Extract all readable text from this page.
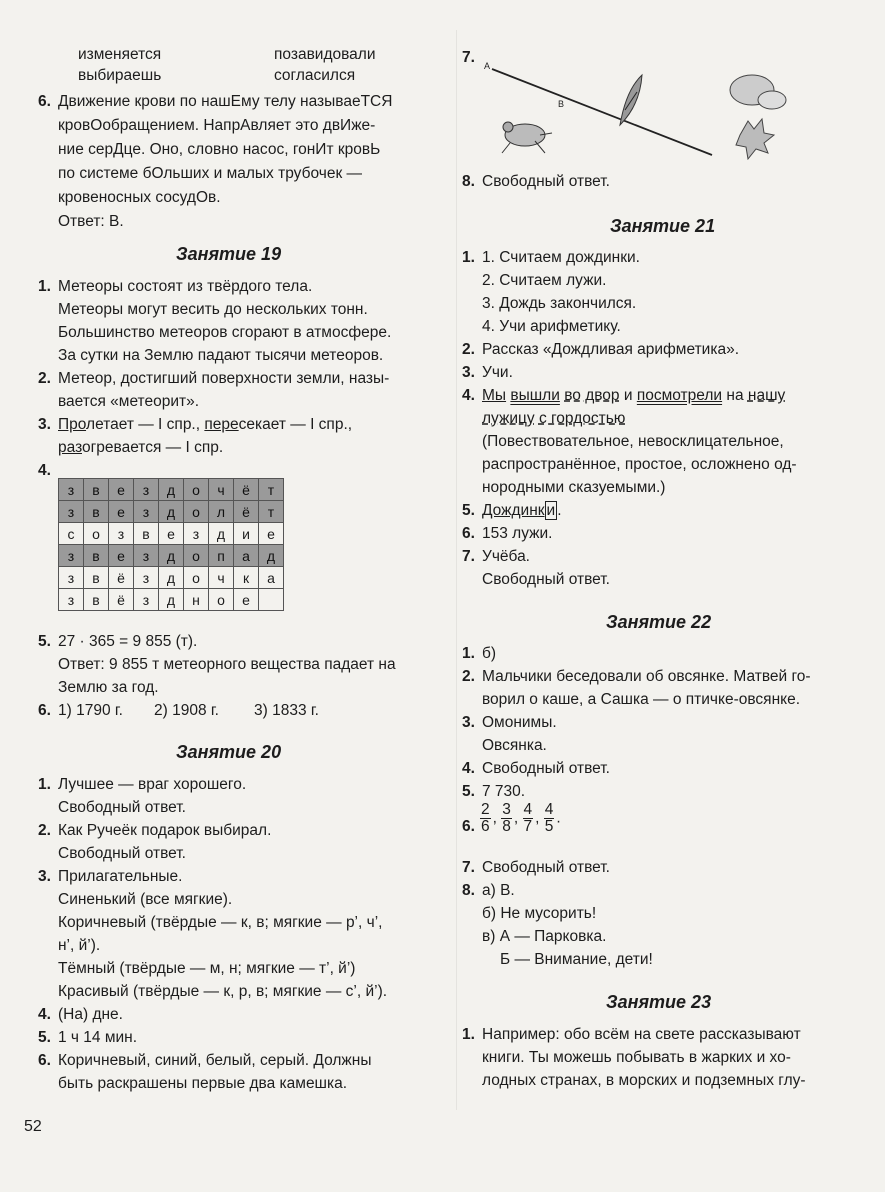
изменяется	позавидовали
выбираешь	согласился
6. Движение крови по нашЕму телу называеТСЯ
кровОобращением. НапрАвляет это двИже-
ние серДце. Оно, словно насос, гонИт кровЬ
по системе бОльших и малых трубочек —
кровеносных сосудОв.
Ответ: В.
Занятие 19
1. Метеоры состоят из твёрдого тела.
Метеоры могут весить до нескольких тонн.
Большинство метеоров сгорают в атмосфере.
За сутки на Землю падают тысячи метеоров.
2. Метеор, достигший поверхности земли, назы-
вается «метеорит».
3. Пролетает — I спр., пересекает — I спр.,
разогревается — I спр.
4.
з	в	е	з	д	о	ч	ё	т
з	в	е	з	д	о	л	ё	т
с	о	з	в	е	з	д	и	е
з	в	е	з	д	о	п	а	д
з	в	ё	з	д	о	ч	к	а
з	в	ё	з	д	н	о	е	
5. 27 · 365 = 9 855 (т).
Ответ: 9 855 т метеорного вещества падает на
Землю за год.
6. 1) 1790 г. 2) 1908 г. 3) 1833 г.
Занятие 20
1. Лучшее — враг хорошего.
Свободный ответ.
2. Как Ручеёк подарок выбирал.
Свободный ответ.
3. Прилагательные.
Синенький (все мягкие).
Коричневый (твёрдые — к, в; мягкие — р’, ч’,
н’, й’).
Тёмный (твёрдые — м, н; мягкие — т’, й’)
Красивый (твёрдые — к, р, в; мягкие — с’, й’).
4. (На) дне.
5. 1 ч 14 мин.
6. Коричневый, синий, белый, серый. Должны
быть раскрашены первые два камешка.
52
7. А
В
8. Свободный ответ.
Занятие 21
1. 1. Считаем дождинки.
2. Считаем лужи.
3. Дождь закончился.
4. Учи арифметику.
2. Рассказ «Дождливая арифметика».
3. Учи.
4. Мы вышли во двор и посмотрели на нашу
лужицу с гордостью
(Повествовательное, невосклицательное,
распространённое, простое, осложнено од-
нородными сказуемыми.)
5. Дождинк и .
6. 153 лужи.
7. Учёба.
Свободный ответ.
Занятие 22
1. б)
2. Мальчики беседовали об овсянке. Матвей го-
ворил о каше, а Сашка — о птичке-овсянке.
3. Омонимы.
Овсянка.
4. Свободный ответ.
5. 7 730.
6. $\frac{2}{6}$ , $\frac{3}{8}$ , $\frac{4}{7}$ , $\frac{4}{5}$ .
7. Свободный ответ.
8. а) В.
б) Не мусорить!
в) А — Парковка.
Б — Внимание, дети!
Занятие 23
1. Например: обо всём на свете рассказывают
книги. Ты можешь побывать в жарких и хо-
лодных странах, в морских и подземных глу-
